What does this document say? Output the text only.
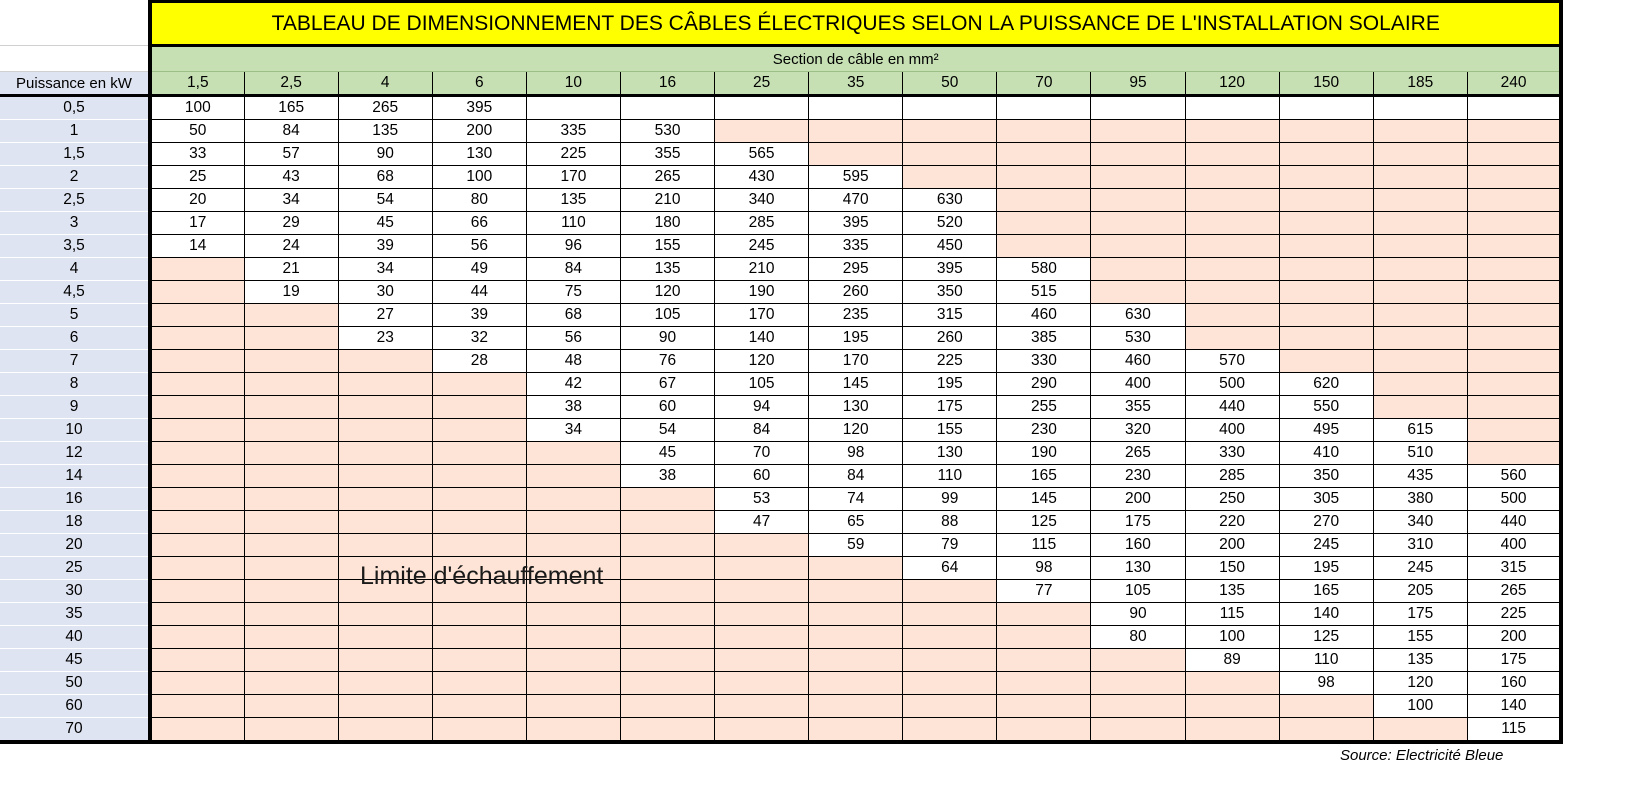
	TABLEAU DE DIMENSIONNEMENT DES CÂBLES ÉLECTRIQUES SELON LA PUISSANCE DE L'INSTALLATION SOLAIRE														
	Section de câble en mm²														
Puissance en kW	1,5	2,5	4	6	10	16	25	35	50	70	95	120	150	185	240
0,5	100	165	265	395											
1	50	84	135	200	335	530									
1,5	33	57	90	130	225	355	565								
2	25	43	68	100	170	265	430	595							
2,5	20	34	54	80	135	210	340	470	630						
3	17	29	45	66	110	180	285	395	520						
3,5	14	24	39	56	96	155	245	335	450						
4		21	34	49	84	135	210	295	395	580					
4,5		19	30	44	75	120	190	260	350	515					
5			27	39	68	105	170	235	315	460	630				
6			23	32	56	90	140	195	260	385	530				
7				28	48	76	120	170	225	330	460	570			
8					42	67	105	145	195	290	400	500	620		
9					38	60	94	130	175	255	355	440	550		
10					34	54	84	120	155	230	320	400	495	615	
12						45	70	98	130	190	265	330	410	510	
14						38	60	84	110	165	230	285	350	435	560
16							53	74	99	145	200	250	305	380	500
18							47	65	88	125	175	220	270	340	440
20								59	79	115	160	200	245	310	400
25									64	98	130	150	195	245	315
30										77	105	135	165	205	265
35											90	115	140	175	225
40											80	100	125	155	200
45												89	110	135	175
50													98	120	160
60														100	140
70															115
	Source: Electricité Bleue														
Limite d'échauffement
